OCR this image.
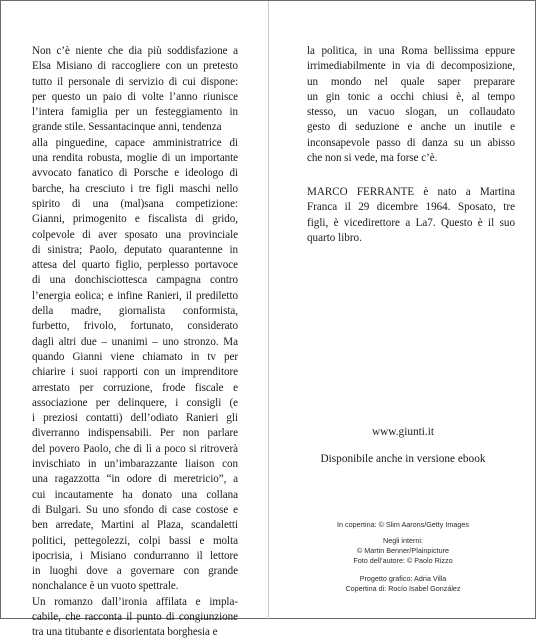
Non c’è niente che dia più soddisfazione a
Elsa Misiano di raccogliere con un pretesto
tutto il personale di servizio di cui dispone:
per questo un paio di volte l’anno riunisce
l’intera famiglia per un festeggiamento in
grande stile. Sessantacinque anni, tendenza
alla pinguedine, capace amministratrice di
una rendita robusta, moglie di un importante
avvocato fanatico di Porsche e ideologo di
barche, ha cresciuto i tre figli maschi nello
spirito di una (mal)sana competizione:
Gianni, primogenito e fiscalista di grido,
colpevole di aver sposato una provinciale
di sinistra; Paolo, deputato quarantenne in
attesa del quarto figlio, perplesso portavoce
di una donchisciottesca campagna contro
l’energia eolica; e infine Ranieri, il prediletto
della madre, giornalista conformista,
furbetto, frivolo, fortunato, considerato
dagli altri due – unanimi – uno stronzo. Ma
quando Gianni viene chiamato in tv per
chiarire i suoi rapporti con un imprenditore
arrestato per corruzione, frode fiscale e
associazione per delinquere, i consigli (e
i preziosi contatti) dell’odiato Ranieri gli
diverranno indispensabili. Per non parlare
del povero Paolo, che di lì a poco si ritroverà
invischiato in un’imbarazzante liaison con
una ragazzotta “in odore di meretricio”, a
cui incautamente ha donato una collana
di Bulgari. Su uno sfondo di case costose e
ben arredate, Martini al Plaza, scandaletti
politici, pettegolezzi, colpi bassi e molta
ipocrisia, i Misiano condurranno il lettore
in luoghi dove a governare con grande
nonchalance è un vuoto spettrale.
Un romanzo dall’ironia affilata e impla-
cabile, che racconta il punto di congiunzione
tra una titubante e disorientata borghesia e
la politica, in una Roma bellissima eppure
irrimediabilmente in via di decomposizione,
un mondo nel quale saper preparare
un gin tonic a occhi chiusi è, al tempo
stesso, un vacuo slogan, un collaudato
gesto di seduzione e anche un inutile e
inconsapevole passo di danza su un abisso
che non si vede, ma forse c’è.
MARCO FERRANTE è nato a Martina
Franca il 29 dicembre 1964. Sposato, tre
figli, è vicedirettore a La7. Questo è il suo
quarto libro.
www.giunti.it
Disponibile anche in versione ebook
In copertina: © Slim Aarons/Getty Images
Negli interni:
© Martin Benner/Plainpicture
Foto dell’autore: © Paolo Rizzo
Progetto grafico: Adria Villa
Copertina di: Rocío Isabel González
